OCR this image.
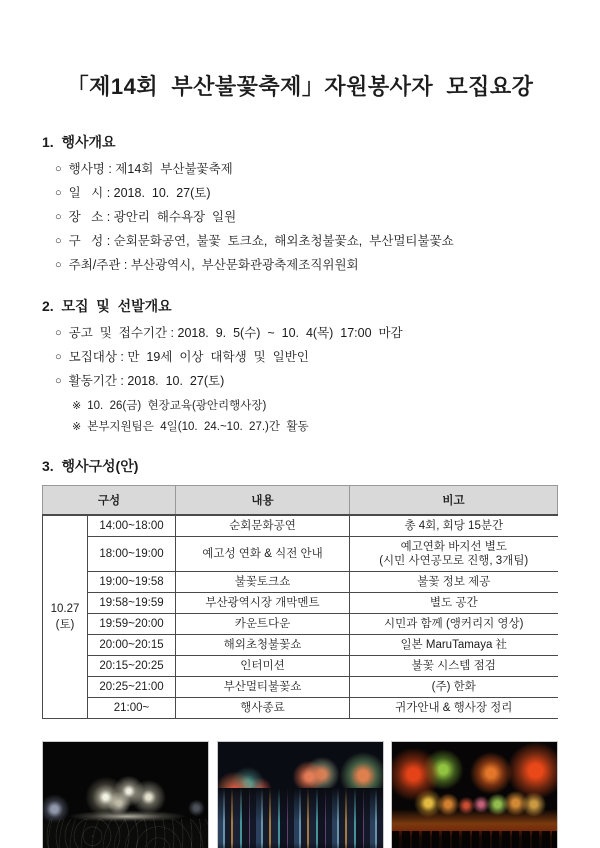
「제14회  부산불꽃축제」자원봉사자  모집요강
1.  행사개요
○ 행사명 : 제14회  부산불꽃축제
○ 일   시 : 2018.  10.  27(토)
○ 장   소 : 광안리  해수욕장  일원
○ 구   성 : 순회문화공연,  불꽃  토크쇼,  해외초청불꽃쇼,  부산멀티불꽃쇼
○ 주최/주관 : 부산광역시,  부산문화관광축제조직위원회
2.  모집  및  선발개요
○ 공고  및  접수기간 : 2018.  9.  5(수)  ~  10.  4(목)  17:00  마감
○ 모집대상 : 만  19세  이상  대학생  및  일반인
○ 활동기간 : 2018.  10.  27(토)
※ 10.  26(금)  현장교육(광안리행사장)
※ 본부지원팀은  4일(10.  24.~10.  27.)간  활동
3.  행사구성(안)
구성		내용	비고

10.27
(토)	14:00~18:00	순회문화공연	총 4회, 회당 15분간
	18:00~19:00	예고성 연화 & 식전 안내	예고연화 바지선 별도
(시민 사연공모로 진행, 3개팀)

	19:00~19:58	불꽃토크쇼	불꽃 정보 제공
	19:58~19:59	부산광역시장 개막멘트	별도 공간
	19:59~20:00	카운트다운	시민과 함께 (앵커리지 영상)
	20:00~20:15	해외초청불꽃쇼	일본 MaruTamaya 社
	20:15~20:25	인터미션	불꽃 시스템 점검
	20:25~21:00	부산멀티불꽃쇼	(주) 한화
	21:00~	행사종료	귀가안내 & 행사장 정리
